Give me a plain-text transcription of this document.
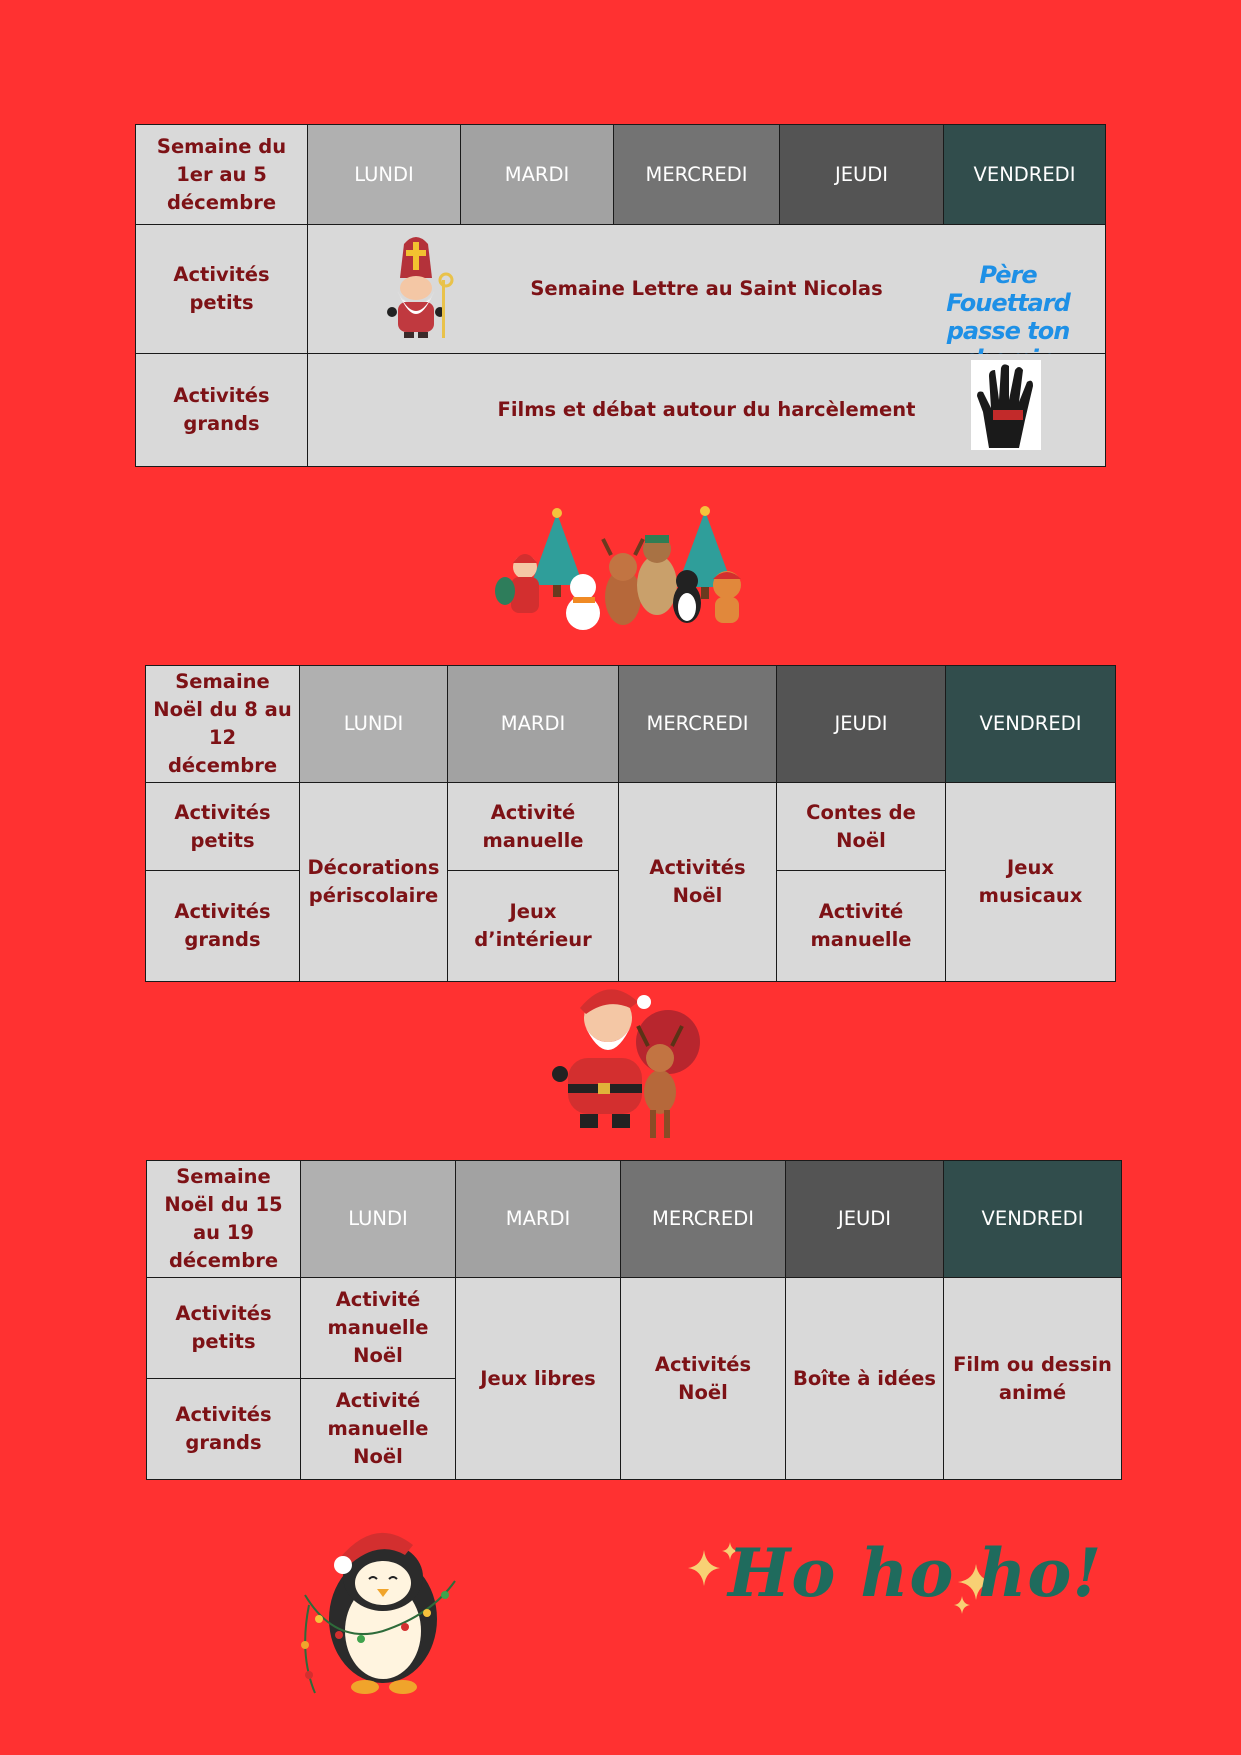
Semaine du 1er au 5 décembre	LUNDI	MARDI	MERCREDI	JEUDI	VENDREDI
Activités petits	Semaine Lettre au Saint Nicolas Père Fouettard passe ton				

Activités grands	Films et débat autour du harcèlement				
Semaine Noël du 8 au 12 décembre	LUNDI	MARDI	MERCREDI	JEUDI	VENDREDI
Activités petits	Décorations périscolaire	Activité manuelle	Activités Noël	Contes de Noël	Jeux musicaux
Activités grands		Jeux d’intérieur		Activité manuelle	
Semaine Noël du 15 au 19 décembre	LUNDI	MARDI	MERCREDI	JEUDI	VENDREDI
Activités petits	Activité manuelle Noël	Jeux libres	Activités Noël	Boîte à idées	Film ou dessin animé
Activités grands	Activité manuelle Noël				
Ho ho ho!
